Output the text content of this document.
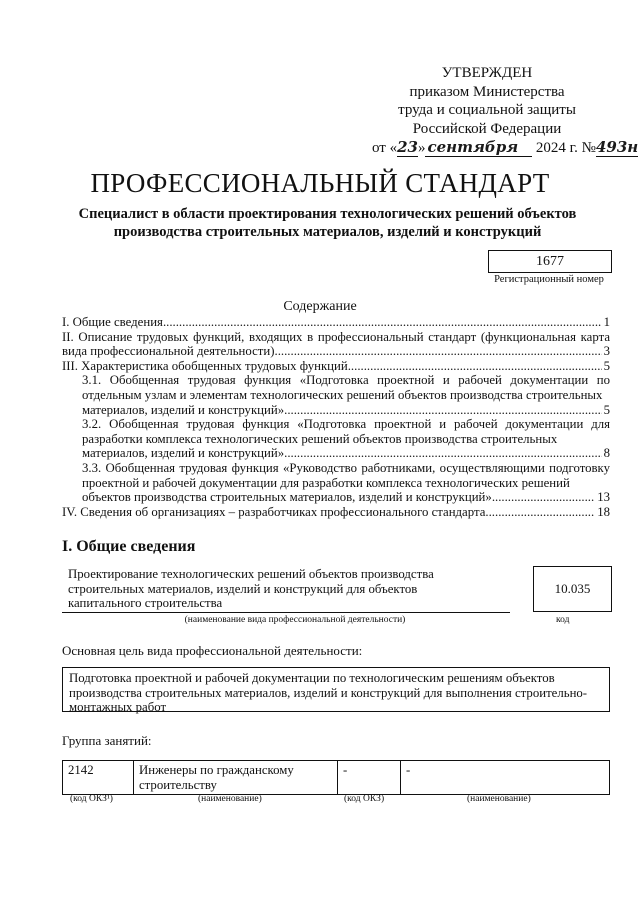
УТВЕРЖДЕН
приказом Министерства
труда и социальной защиты
Российской Федерации
от «23» сентября 2024 г. №493н
ПРОФЕССИОНАЛЬНЫЙ СТАНДАРТ
Специалист в области проектирования технологических решений объектов производства строительных материалов, изделий и конструкций
1677
Регистрационный номер
Содержание
I. Общие сведения .....	1
II. Описание трудовых функций, входящих в профессиональный стандарт (функциональная карта
вида профессиональной деятельности) .....	3
III. Характеристика обобщенных трудовых функций .....	5
3.1. Обобщенная трудовая функция «Подготовка проектной и рабочей документации по отдельным узлам и элементам технологических решений объектов производства строительных
материалов, изделий и конструкций» .....	5
3.2. Обобщенная трудовая функция «Подготовка проектной и рабочей документации для разработки комплекса технологических решений объектов производства строительных
материалов, изделий и конструкций» .....	8
3.3. Обобщенная трудовая функция «Руководство работниками, осуществляющими подготовку проектной и рабочей документации для разработки комплекса технологических решений
объектов производства строительных материалов, изделий и конструкций» .....	13
IV. Сведения об организациях – разработчиках профессионального стандарта .....	18
I. Общие сведения
Проектирование технологических решений объектов производства строительных материалов, изделий и конструкций для объектов капитального строительства
10.035
(наименование вида профессиональной деятельности)	код
Основная цель вида профессиональной деятельности:
Подготовка проектной и рабочей документации по технологическим решениям объектов производства строительных материалов, изделий и конструкций для выполнения строительно-монтажных работ
Группа занятий:
2142	Инженеры по гражданскому строительству	-	-
(код ОКЗ¹)	(наименование)	(код ОКЗ)	(наименование)
